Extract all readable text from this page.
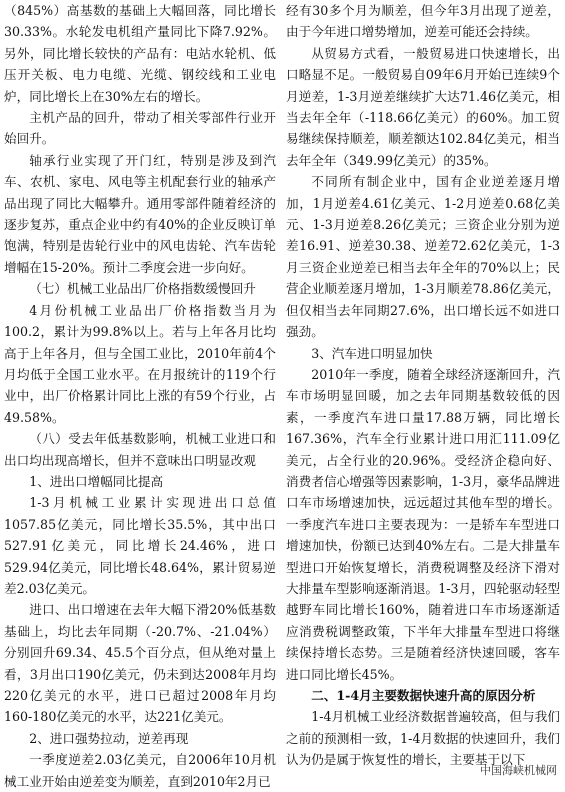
（845%）高基数的基础上大幅回落，同比增长30.33%。水轮发电机组产量同比下降7.92%。另外，同比增长较快的产品有：电站水轮机、低压开关板、电力电缆、光缆、钢绞线和工业电炉，同比增长上在30%左右的增长。

主机产品的回升，带动了相关零部件行业开始回升。

轴承行业实现了开门红，特别是涉及到汽车、农机、家电、风电等主机配套行业的轴承产品出现了同比大幅攀升。通用零部件随着经济的逐步复苏，重点企业中约有40%的企业反映订单饱满，特别是齿轮行业中的风电齿轮、汽车齿轮增幅在15-20%。预计二季度会进一步向好。

（七）机械工业品出厂价格指数缓慢回升

4月份机械工业品出厂价格指数当月为100.2，累计为99.8%以上。若与上年各月比均高于上年各月，但与全国工业比，2010年前4个月均低于全国工业水平。在月报统计的119个行业中，出厂价格累计同比上涨的有59个行业，占49.58%。

（八）受去年低基数影响，机械工业进口和出口均出现高增长，但并不意味出口明显改观

1、进出口增幅同比提高

1-3月机械工业累计实现进出口总值1057.85亿美元，同比增长35.5%，其中出口527.91亿美元，同比增长24.46%，进口529.94亿美元，同比增长48.64%，累计贸易逆差2.03亿美元。

进口、出口增速在去年大幅下滑20%低基数基础上，均比去年同期（-20.7%、-21.04%）分别回升69.34、45.5个百分点，但从绝对量上看，3月出口190亿美元，仍未到达2008年月均220亿美元的水平，进口已超过2008年月均160-180亿美元的水平，达221亿美元。

2、进口强势拉动，逆差再现

一季度逆差2.03亿美元，自2006年10月机械工业开始由逆差变为顺差，直到2010年2月已

经有30多个月为顺差，但今年3月出现了逆差，由于今年进口增势增加，逆差可能还会持续。

从贸易方式看，一般贸易进口快速增长，出口略显不足。一般贸易自09年6月开始已连续9个月逆差，1-3月逆差继续扩大达71.46亿美元，相当去年全年（-118.66亿美元）的60%。加工贸易继续保持顺差，顺差额达102.84亿美元，相当去年全年（349.99亿美元）的35%。

不同所有制企业中，国有企业逆差逐月增加，1月逆差4.61亿美元、1-2月逆差0.68亿美元、1-3月逆差8.26亿美元；三资企业分别为逆差16.91、逆差30.38、逆差72.62亿美元，1-3月三资企业逆差已相当去年全年的70%以上；民营企业顺差逐月增加，1-3月顺差78.86亿美元，但仅相当去年同期27.6%，出口增长远不如进口强劲。

3、汽车进口明显加快

2010年一季度，随着全球经济逐渐回升，汽车市场明显回暖，加之去年同期基数较低的因素，一季度汽车进口量17.88万辆，同比增长167.36%，汽车全行业累计进口用汇111.09亿美元，占全行业的20.96%。受经济企稳向好、消费者信心增强等因素影响，1-3月，豪华品牌进口车市场增速加快，远远超过其他车型的增长。一季度汽车进口主要表现为：一是轿车车型进口增速加快，份额已达到40%左右。二是大排量车型进口开始恢复增长，消费税调整及经济下滑对大排量车型影响逐渐消退。1-3月，四轮驱动轻型越野车同比增长160%，随着进口车市场逐渐适应消费税调整政策，下半年大排量车型进口将继续保持增长态势。三是随着经济快速回暖，客车进口同比增长45%。

二、1-4月主要数据快速升高的原因分析

1-4月机械工业经济数据普遍较高，但与我们之前的预测相一致，1-4月数据的快速回升，我们认为仍是属于恢复性的增长，主要基于以下

中国海峡机械网
